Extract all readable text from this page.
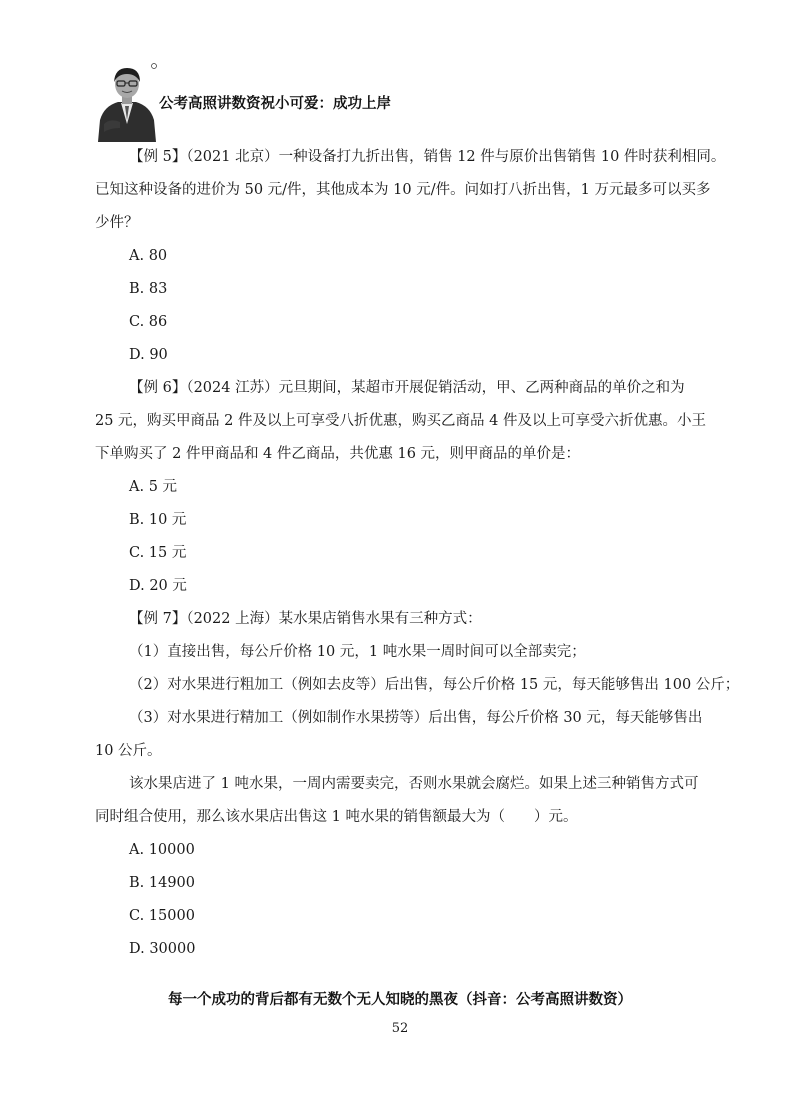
公考高照讲数资祝小可爱：成功上岸
【例 5】（2021 北京）一种设备打九折出售，销售 12 件与原价出售销售 10 件时获利相同。
已知这种设备的进价为 50 元/件，其他成本为 10 元/件。问如打八折出售，1 万元最多可以买多
少件？
A. 80
B. 83
C. 86
D. 90
【例 6】（2024 江苏）元旦期间，某超市开展促销活动，甲、乙两种商品的单价之和为
25 元，购买甲商品 2 件及以上可享受八折优惠，购买乙商品 4 件及以上可享受六折优惠。小王
下单购买了 2 件甲商品和 4 件乙商品，共优惠 16 元，则甲商品的单价是：
A. 5 元
B. 10 元
C. 15 元
D. 20 元
【例 7】（2022 上海）某水果店销售水果有三种方式：
（1）直接出售，每公斤价格 10 元，1 吨水果一周时间可以全部卖完；
（2）对水果进行粗加工（例如去皮等）后出售，每公斤价格 15 元，每天能够售出 100 公斤；
（3）对水果进行精加工（例如制作水果捞等）后出售，每公斤价格 30 元，每天能够售出
10 公斤。
该水果店进了 1 吨水果，一周内需要卖完，否则水果就会腐烂。如果上述三种销售方式可
同时组合使用，那么该水果店出售这 1 吨水果的销售额最大为（　　）元。
A. 10000
B. 14900
C. 15000
D. 30000
每一个成功的背后都有无数个无人知晓的黑夜（抖音：公考高照讲数资）
52
